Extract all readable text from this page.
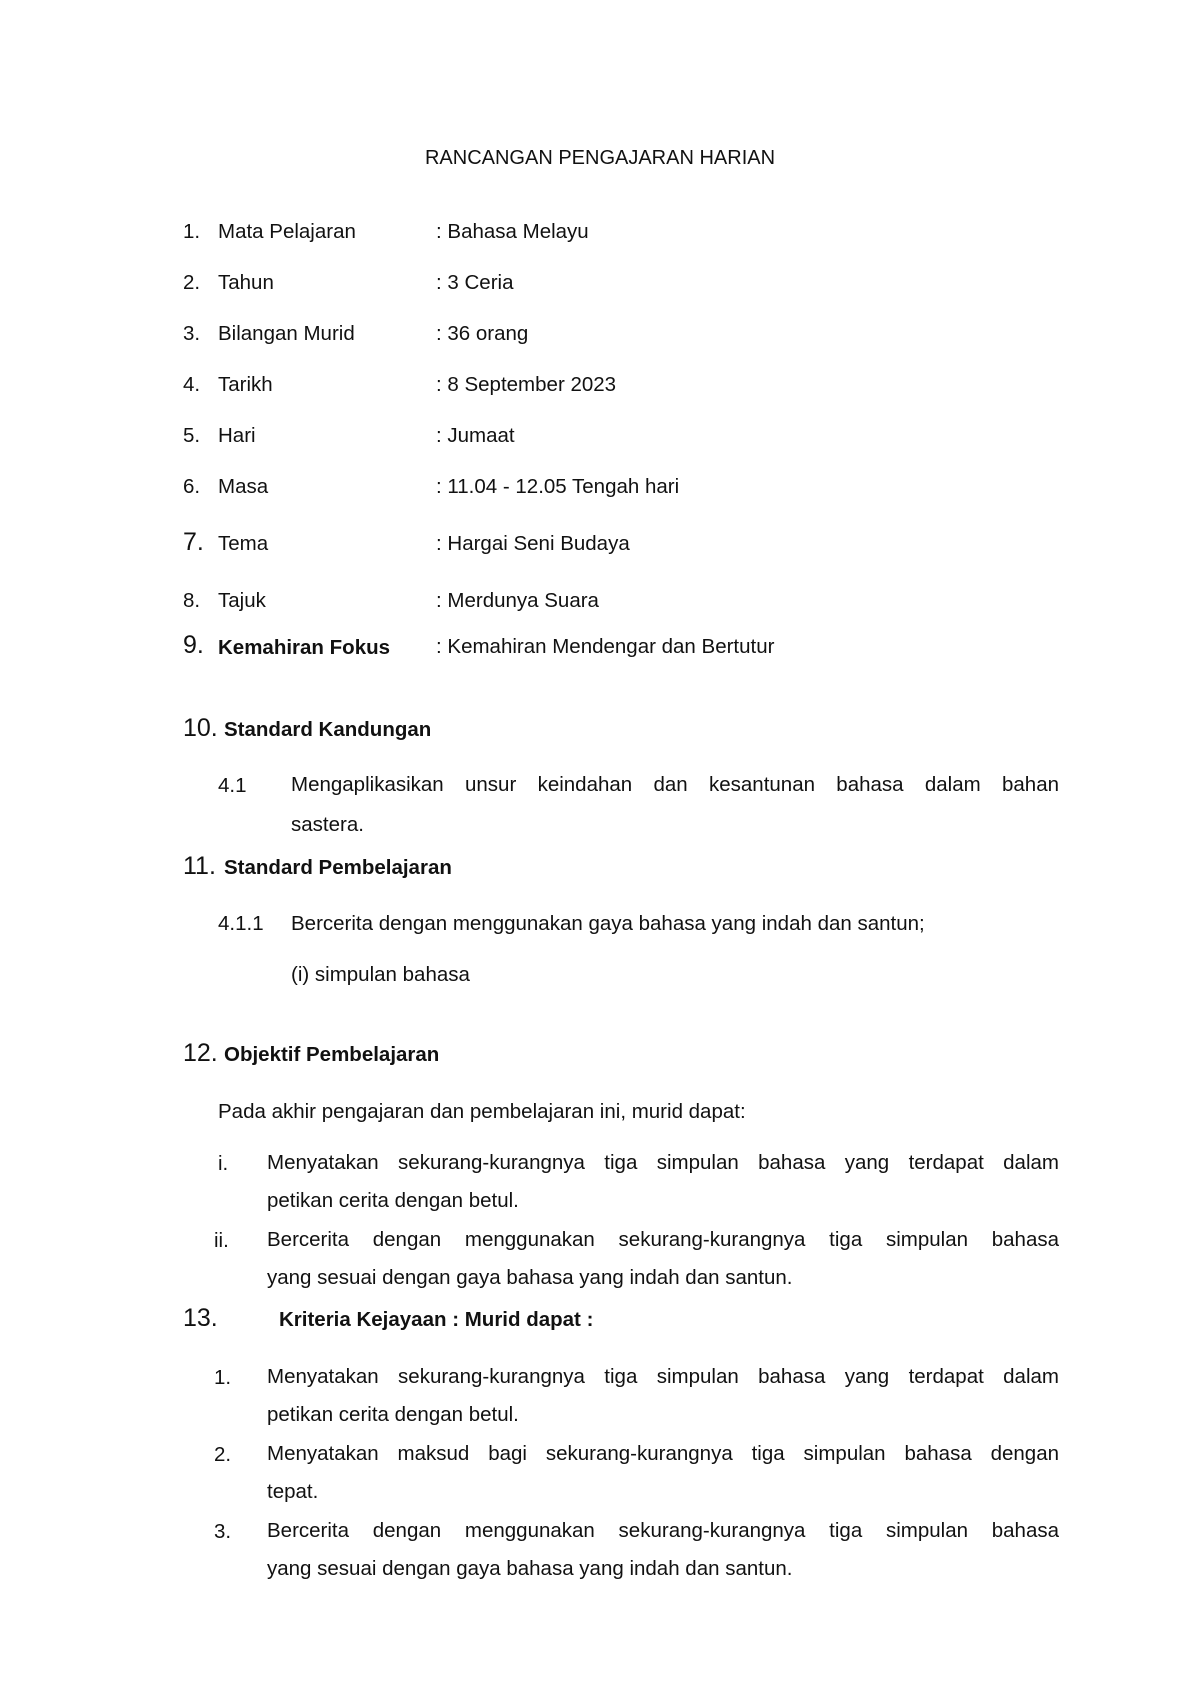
RANCANGAN PENGAJARAN HARIAN
1. Mata Pelajaran	: Bahasa Melayu
2. Tahun	: 3 Ceria
3. Bilangan Murid	: 36 orang
4. Tarikh	: 8 September 2023
5. Hari	: Jumaat
6. Masa	: 11.04 - 12.05 Tengah hari
7. Tema	: Hargai Seni Budaya
8. Tajuk	: Merdunya Suara
9. Kemahiran Fokus : Kemahiran Mendengar dan Bertutur
10. Standard Kandungan
4.1 Mengaplikasikan unsur keindahan dan kesantunan bahasa dalam bahan
sastera.
11. Standard Pembelajaran
4.1.1 Bercerita dengan menggunakan gaya bahasa yang indah dan santun;
(i) simpulan bahasa
12. Objektif Pembelajaran
Pada akhir pengajaran dan pembelajaran ini, murid dapat:
i. Menyatakan sekurang-kurangnya tiga simpulan bahasa yang terdapat dalam
petikan cerita dengan betul.
ii. Bercerita dengan menggunakan sekurang-kurangnya tiga simpulan bahasa
yang sesuai dengan gaya bahasa yang indah dan santun.
13.	Kriteria Kejayaan : Murid dapat :
1. Menyatakan sekurang-kurangnya tiga simpulan bahasa yang terdapat dalam
petikan cerita dengan betul.
2. Menyatakan maksud bagi sekurang-kurangnya tiga simpulan bahasa dengan
tepat.
3. Bercerita dengan menggunakan sekurang-kurangnya tiga simpulan bahasa
yang sesuai dengan gaya bahasa yang indah dan santun.
